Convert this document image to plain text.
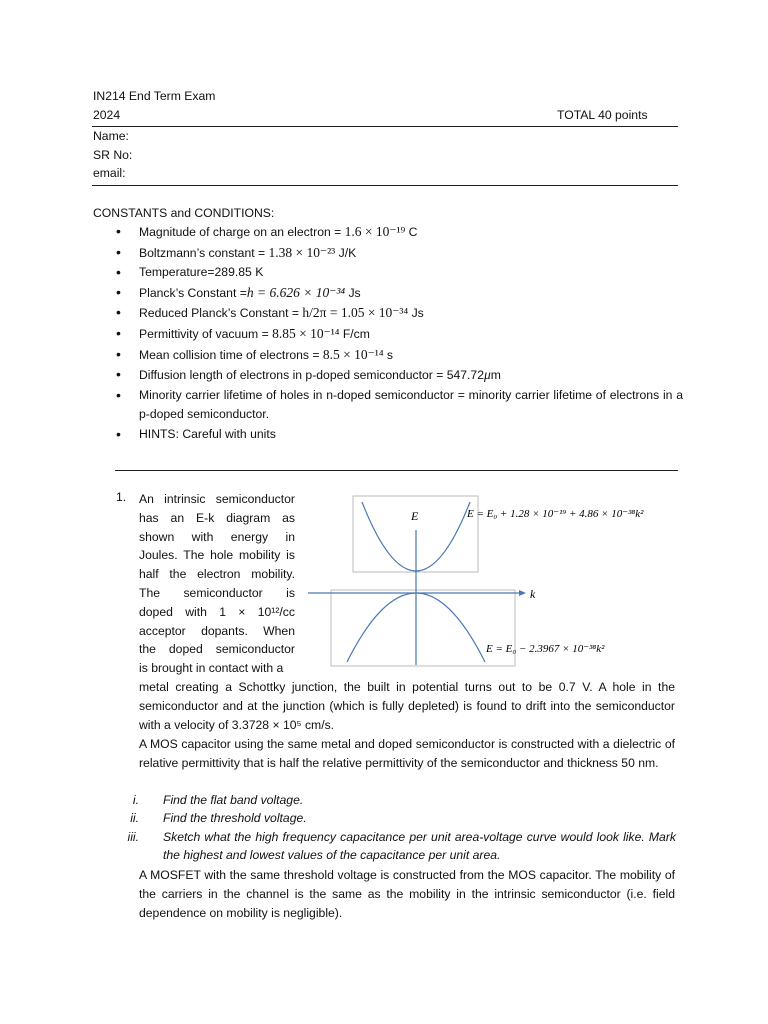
IN214 End Term Exam
2024	TOTAL 40 points
Name:
SR No:
email:
CONSTANTS and CONDITIONS:
• Magnitude of charge on an electron = 1.6 × 10⁻¹⁹ C
• Boltzmann’s constant = 1.38 × 10⁻²³ J/K
• Temperature=289.85 K
• Planck’s Constant =h = 6.626 × 10⁻³⁴ Js
• Reduced Planck’s Constant = h/2π = 1.05 × 10⁻³⁴ Js
• Permittivity of vacuum = 8.85 × 10⁻¹⁴ F/cm
• Mean collision time of electrons = 8.5 × 10⁻¹⁴ s
• Diffusion length of electrons in p-doped semiconductor = 547.72μm
• Minority carrier lifetime of holes in n-doped semiconductor = minority carrier lifetime of electrons in a p-doped semiconductor.
• HINTS: Careful with units
1. An intrinsic semiconductor
has an E-k diagram as
shown with energy in
Joules. The hole mobility is
half the electron mobility.
The semiconductor is
doped with 1 × 10¹²/cc
acceptor dopants. When
the doped semiconductor
is brought in contact with a
E
k
E = E₀ + 1.28 × 10⁻¹⁹ + 4.86 × 10⁻³⁸k²
E = E₀ − 2.3967 × 10⁻³⁸k²
metal creating a Schottky junction, the built in potential turns out to be 0.7 V. A hole in the semiconductor and at the junction (which is fully depleted) is found to drift into the semiconductor with a velocity of 3.3728 × 10⁵ cm/s.
A MOS capacitor using the same metal and doped semiconductor is constructed with a dielectric of relative permittivity that is half the relative permittivity of the semiconductor and thickness 50 nm.
i. Find the flat band voltage.
ii. Find the threshold voltage.
iii. Sketch what the high frequency capacitance per unit area-voltage curve would look like. Mark the highest and lowest values of the capacitance per unit area.
A MOSFET with the same threshold voltage is constructed from the MOS capacitor. The mobility of the carriers in the channel is the same as the mobility in the intrinsic semiconductor (i.e. field dependence on mobility is negligible).
